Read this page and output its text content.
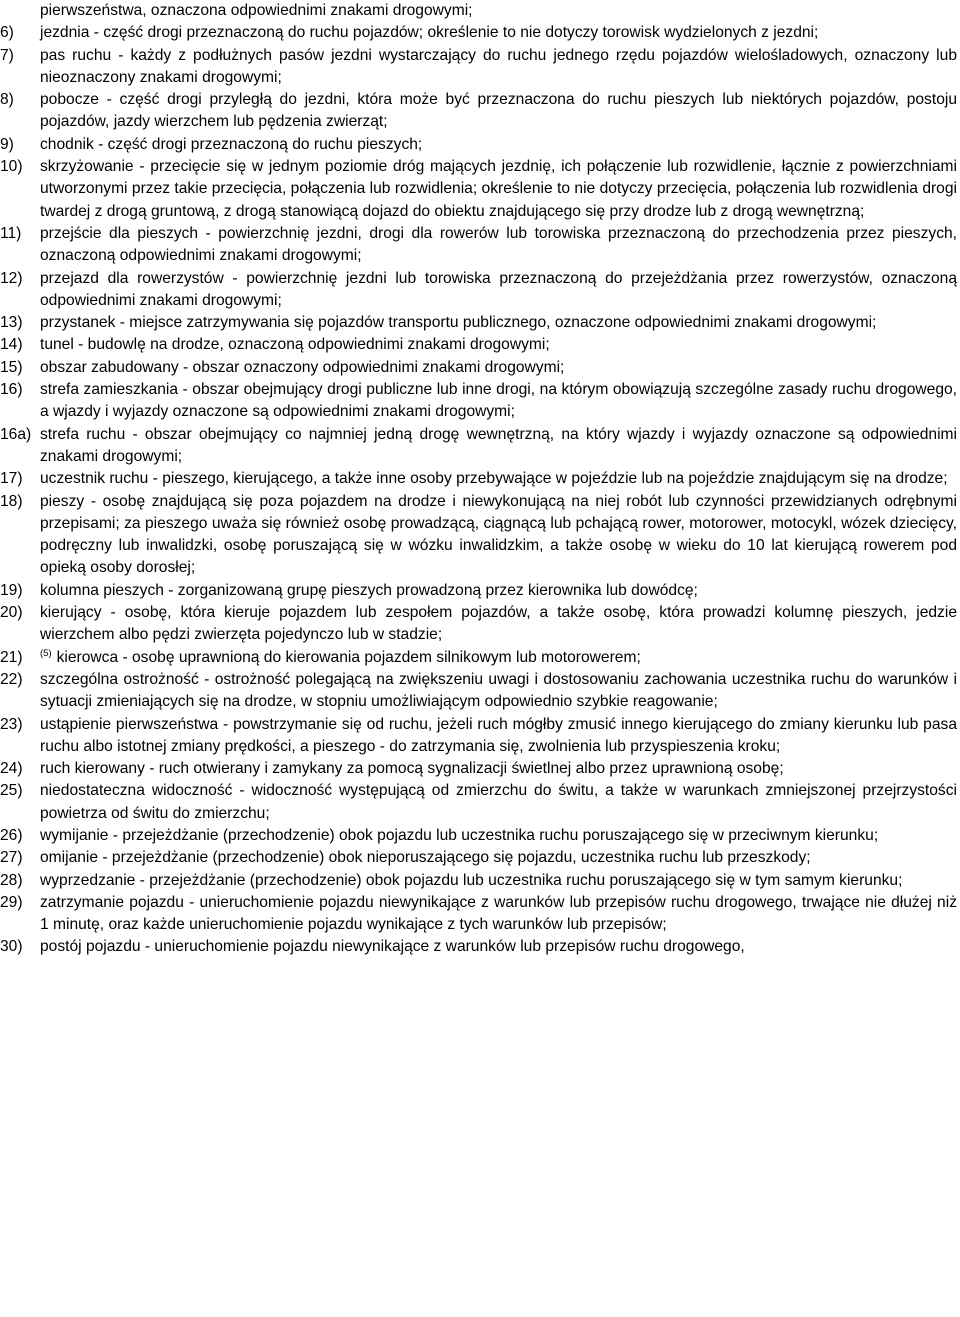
pierwszeństwa, oznaczona odpowiednimi znakami drogowymi;
6) jezdnia - część drogi przeznaczoną do ruchu pojazdów; określenie to nie dotyczy torowisk wydzielonych z jezdni;
7) pas ruchu - każdy z podłużnych pasów jezdni wystarczający do ruchu jednego rzędu pojazdów wielośladowych, oznaczony lub nieoznaczony znakami drogowymi;
8) pobocze - część drogi przyległą do jezdni, która może być przeznaczona do ruchu pieszych lub niektórych pojazdów, postoju pojazdów, jazdy wierzchem lub pędzenia zwierząt;
9) chodnik - część drogi przeznaczoną do ruchu pieszych;
10) skrzyżowanie - przecięcie się w jednym poziomie dróg mających jezdnię, ich połączenie lub rozwidlenie, łącznie z powierzchniami utworzonymi przez takie przecięcia, połączenia lub rozwidlenia; określenie to nie dotyczy przecięcia, połączenia lub rozwidlenia drogi twardej z drogą gruntową, z drogą stanowiącą dojazd do obiektu znajdującego się przy drodze lub z drogą wewnętrzną;
11) przejście dla pieszych - powierzchnię jezdni, drogi dla rowerów lub torowiska przeznaczoną do przechodzenia przez pieszych, oznaczoną odpowiednimi znakami drogowymi;
12) przejazd dla rowerzystów - powierzchnię jezdni lub torowiska przeznaczoną do przejeżdżania przez rowerzystów, oznaczoną odpowiednimi znakami drogowymi;
13) przystanek - miejsce zatrzymywania się pojazdów transportu publicznego, oznaczone odpowiednimi znakami drogowymi;
14) tunel - budowlę na drodze, oznaczoną odpowiednimi znakami drogowymi;
15) obszar zabudowany - obszar oznaczony odpowiednimi znakami drogowymi;
16) strefa zamieszkania - obszar obejmujący drogi publiczne lub inne drogi, na którym obowiązują szczególne zasady ruchu drogowego, a wjazdy i wyjazdy oznaczone są odpowiednimi znakami drogowymi;
16a) strefa ruchu - obszar obejmujący co najmniej jedną drogę wewnętrzną, na który wjazdy i wyjazdy oznaczone są odpowiednimi znakami drogowymi;
17) uczestnik ruchu - pieszego, kierującego, a także inne osoby przebywające w pojeździe lub na pojeździe znajdującym się na drodze;
18) pieszy - osobę znajdującą się poza pojazdem na drodze i niewykonującą na niej robót lub czynności przewidzianych odrębnymi przepisami; za pieszego uważa się również osobę prowadzącą, ciągnącą lub pchającą rower, motorower, motocykl, wózek dziecięcy, podręczny lub inwalidzki, osobę poruszającą się w wózku inwalidzkim, a także osobę w wieku do 10 lat kierującą rowerem pod opieką osoby dorosłej;
19) kolumna pieszych - zorganizowaną grupę pieszych prowadzoną przez kierownika lub dowódcę;
20) kierujący - osobę, która kieruje pojazdem lub zespołem pojazdów, a także osobę, która prowadzi kolumnę pieszych, jedzie wierzchem albo pędzi zwierzęta pojedynczo lub w stadzie;
21) $^{(5)}$ kierowca - osobę uprawnioną do kierowania pojazdem silnikowym lub motorowerem;
22) szczególna ostrożność - ostrożność polegającą na zwiększeniu uwagi i dostosowaniu zachowania uczestnika ruchu do warunków i sytuacji zmieniających się na drodze, w stopniu umożliwiającym odpowiednio szybkie reagowanie;
23) ustąpienie pierwszeństwa - powstrzymanie się od ruchu, jeżeli ruch mógłby zmusić innego kierującego do zmiany kierunku lub pasa ruchu albo istotnej zmiany prędkości, a pieszego - do zatrzymania się, zwolnienia lub przyspieszenia kroku;
24) ruch kierowany - ruch otwierany i zamykany za pomocą sygnalizacji świetlnej albo przez uprawnioną osobę;
25) niedostateczna widoczność - widoczność występującą od zmierzchu do świtu, a także w warunkach zmniejszonej przejrzystości powietrza od świtu do zmierzchu;
26) wymijanie - przejeżdżanie (przechodzenie) obok pojazdu lub uczestnika ruchu poruszającego się w przeciwnym kierunku;
27) omijanie - przejeżdżanie (przechodzenie) obok nieporuszającego się pojazdu, uczestnika ruchu lub przeszkody;
28) wyprzedzanie - przejeżdżanie (przechodzenie) obok pojazdu lub uczestnika ruchu poruszającego się w tym samym kierunku;
29) zatrzymanie pojazdu - unieruchomienie pojazdu niewynikające z warunków lub przepisów ruchu drogowego, trwające nie dłużej niż 1 minutę, oraz każde unieruchomienie pojazdu wynikające z tych warunków lub przepisów;
30) postój pojazdu - unieruchomienie pojazdu niewynikające z warunków lub przepisów ruchu drogowego,
